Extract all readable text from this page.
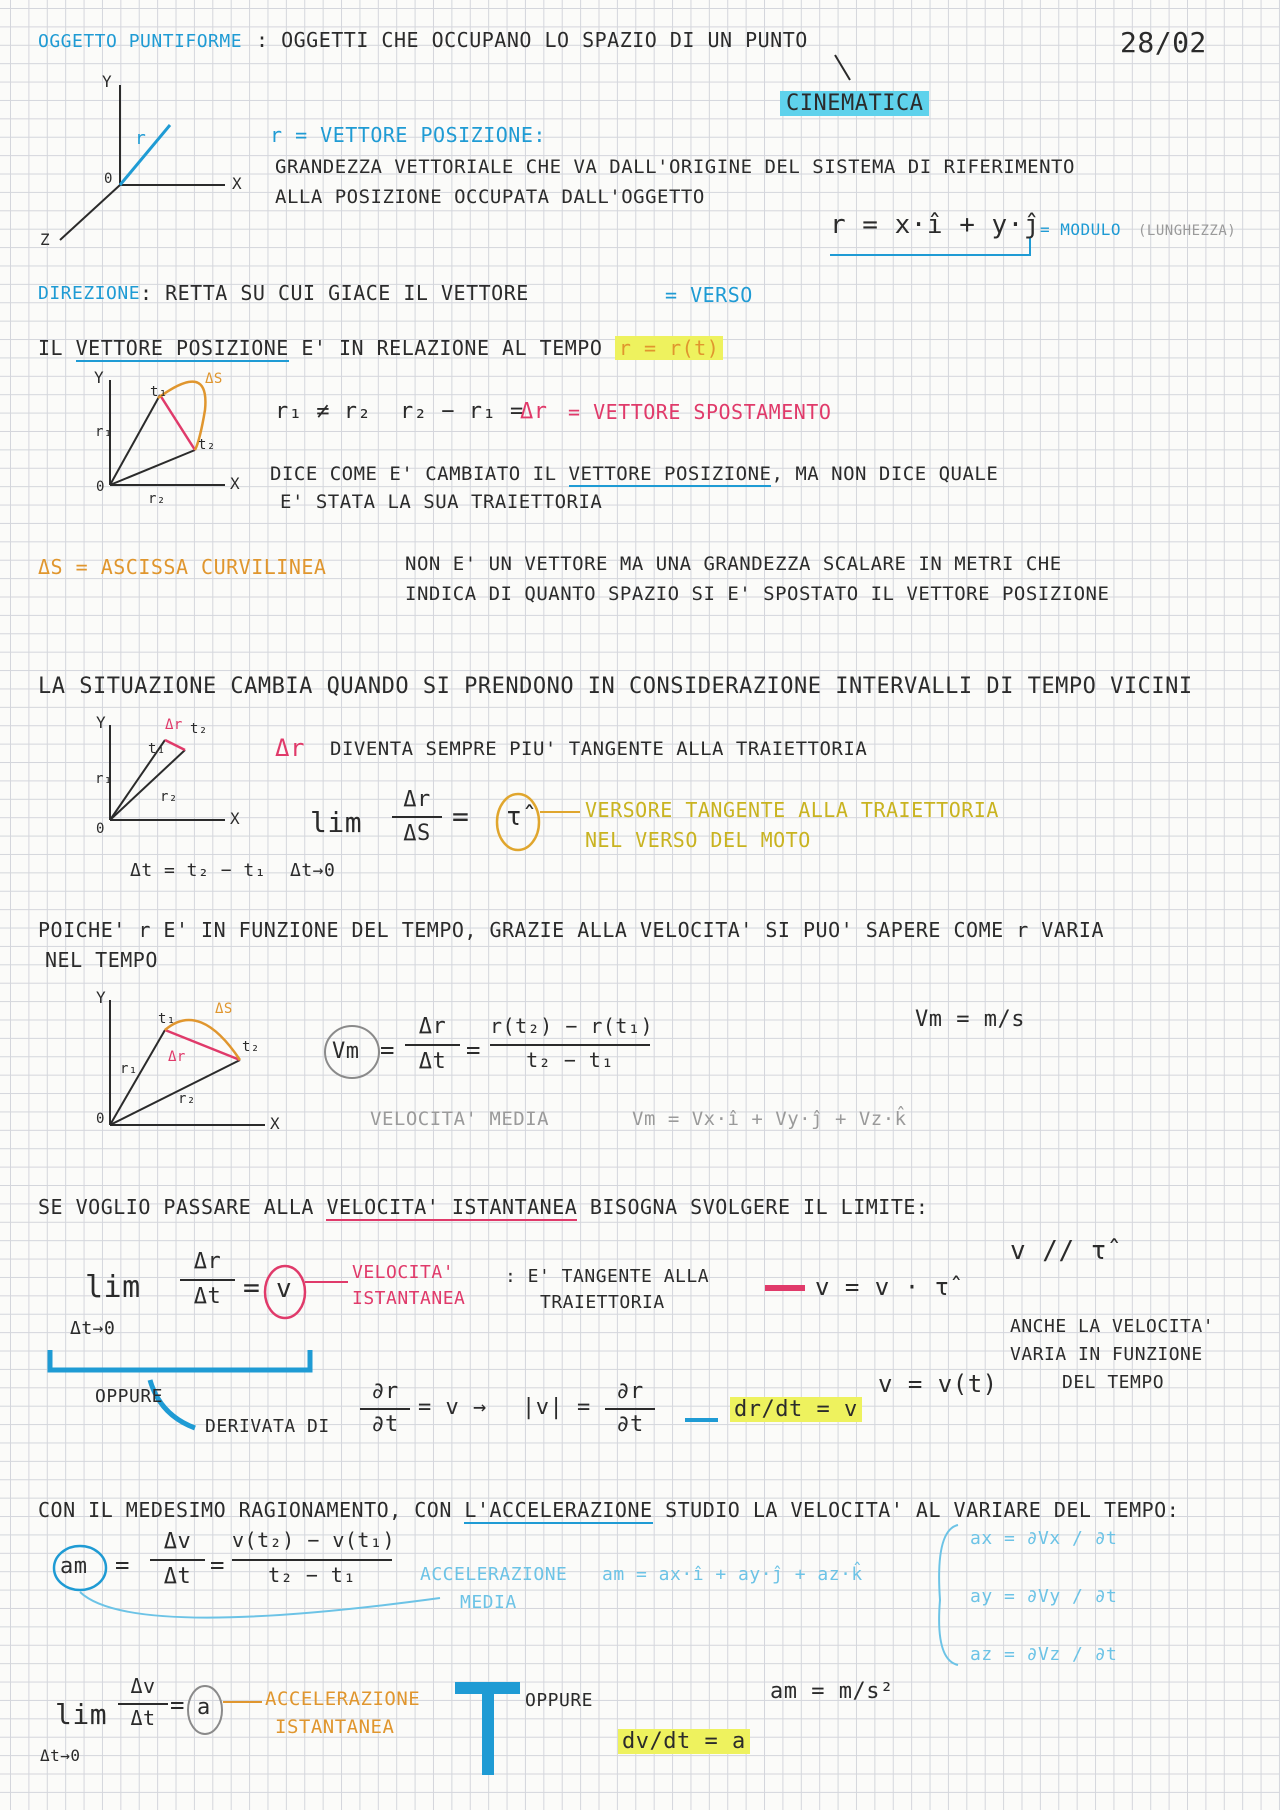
OGGETTO PUNTIFORME : OGGETTI CHE OCCUPANO LO SPAZIO DI UN PUNTO	28/02
CINEMATICA
Y
X
Z
0
r	r = VETTORE POSIZIONE:
GRANDEZZA VETTORIALE CHE VA DALL'ORIGINE DEL SISTEMA DI RIFERIMENTO
ALLA POSIZIONE OCCUPATA DALL'OGGETTO
r = x·î + y·ĵ = MODULO (LUNGHEZZA)
DIREZIONE : RETTA SU CUI GIACE IL VETTORE	= VERSO
IL VETTORE POSIZIONE E' IN RELAZIONE AL TEMPO r = r(t)
Y
X
0
t₁
t₂
ΔS
r₁
r₂
r₁ ≠ r₂ r₂ − r₁ =
Δr = VETTORE SPOSTAMENTO
DICE COME E' CAMBIATO IL VETTORE POSIZIONE, MA NON DICE QUALE
E' STATA LA SUA TRAIETTORIA
ΔS = ASCISSA CURVILINEA	NON E' UN VETTORE MA UNA GRANDEZZA SCALARE IN METRI CHE
INDICA DI QUANTO SPAZIO SI E' SPOSTATO IL VETTORE POSIZIONE
LA SITUAZIONE CAMBIA QUANDO SI PRENDONO IN CONSIDERAZIONE INTERVALLI DI TEMPO VICINI
Y
X
0
Δr t₂
t₁
r₁
r₂
Δt = t₂ − t₁
Δr DIVENTA SEMPRE PIU' TANGENTE ALLA TRAIETTORIA
lim
Δt→0
Δr
ΔS
= τ̂	VERSORE TANGENTE ALLA TRAIETTORIA
NEL VERSO DEL MOTO
POICHE' r E' IN FUNZIONE DEL TEMPO, GRAZIE ALLA VELOCITA' SI PUO' SAPERE COME r VARIA
NEL TEMPO
Y
X
0
t₁
t₂
ΔS
Δr
r₁
r₂
Vm =
Δr
Δt =
r(t₂) − r(t₁)
t₂ − t₁
Vm = m/s
VELOCITA' MEDIA	Vm = Vx·î + Vy·ĵ + Vz·k̂
SE VOGLIO PASSARE ALLA VELOCITA' ISTANTANEA BISOGNA SVOLGERE IL LIMITE:
lim
Δt→0
Δr
Δt = v
VELOCITA'
ISTANTANEA
: E' TANGENTE ALLA
TRAIETTORIA
v = v · τ̂
v // τ̂
ANCHE LA VELOCITA'
VARIA IN FUNZIONE
DEL TEMPO
v = v(t)
OPPURE
DERIVATA DI
∂r
∂t
= v → |v| =
∂r
∂t
dr/dt = v
CON IL MEDESIMO RAGIONAMENTO, CON L'ACCELERAZIONE STUDIO LA VELOCITA' AL VARIARE DEL TEMPO:
am =
Δv
Δt =
v(t₂) − v(t₁)
t₂ − t₁	ACCELERAZIONE
MEDIA
am = ax·î + ay·ĵ + az·k̂
ax = ∂Vx / ∂t
ay = ∂Vy / ∂t
az = ∂Vz / ∂t
am = m/s²
lim
Δt→0
Δv
Δt = a	ACCELERAZIONE
ISTANTANEA
OPPURE
dv/dt = a
